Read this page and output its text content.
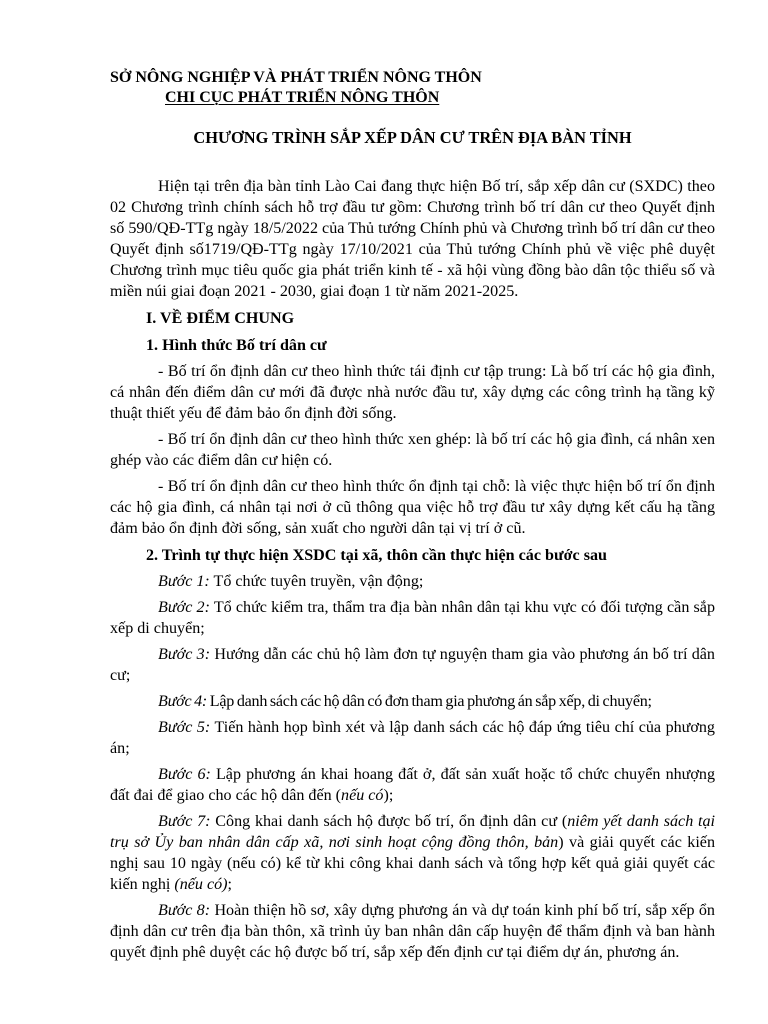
SỞ NÔNG NGHIỆP VÀ PHÁT TRIỂN NÔNG THÔN
CHI CỤC PHÁT TRIỂN NÔNG THÔN
CHƯƠNG TRÌNH SẮP XẾP DÂN CƯ TRÊN ĐỊA BÀN TỈNH

Hiện tại trên địa bàn tỉnh Lào Cai đang thực hiện Bố trí, sắp xếp dân cư (SXDC) theo 02 Chương trình chính sách hỗ trợ đầu tư gồm: Chương trình bố trí dân cư theo Quyết định số 590/QĐ-TTg ngày 18/5/2022 của Thủ tướng Chính phủ và Chương trình bố trí dân cư theo Quyết định số1719/QĐ-TTg ngày 17/10/2021 của Thủ tướng Chính phủ về việc phê duyệt Chương trình mục tiêu quốc gia phát triển kinh tế - xã hội vùng đồng bào dân tộc thiểu số và miền núi giai đoạn 2021 - 2030, giai đoạn 1 từ năm 2021-2025.

I. VỀ ĐIỂM CHUNG

1. Hình thức Bố trí dân cư

- Bố trí ổn định dân cư theo hình thức tái định cư tập trung: Là bố trí các hộ gia đình, cá nhân đến điểm dân cư mới đã được nhà nước đầu tư, xây dựng các công trình hạ tầng kỹ thuật thiết yếu để đảm bảo ổn định đời sống.

- Bố trí ổn định dân cư theo hình thức xen ghép: là bố trí các hộ gia đình, cá nhân xen ghép vào các điểm dân cư hiện có.

- Bố trí ổn định dân cư theo hình thức ổn định tại chỗ: là việc thực hiện bố trí ổn định các hộ gia đình, cá nhân tại nơi ở cũ thông qua việc hỗ trợ đầu tư xây dựng kết cấu hạ tầng đảm bảo ổn định đời sống, sản xuất cho người dân tại vị trí ở cũ.

2. Trình tự thực hiện XSDC tại xã, thôn cần thực hiện các bước sau

Bước 1: Tổ chức tuyên truyền, vận động;

Bước 2: Tổ chức kiểm tra, thẩm tra địa bàn nhân dân tại khu vực có đối tượng cần sắp xếp di chuyển;

Bước 3: Hướng dẫn các chủ hộ làm đơn tự nguyện tham gia vào phương án bố trí dân cư;

Bước 4: Lập danh sách các hộ dân có đơn tham gia phương án sắp xếp, di chuyển;

Bước 5: Tiến hành họp bình xét và lập danh sách các hộ đáp ứng tiêu chí của phương án;

Bước 6: Lập phương án khai hoang đất ở, đất sản xuất hoặc tổ chức chuyển nhượng đất đai để giao cho các hộ dân đến (nếu có);

Bước 7: Công khai danh sách hộ được bố trí, ổn định dân cư (niêm yết danh sách tại trụ sở Ủy ban nhân dân cấp xã, nơi sinh hoạt cộng đồng thôn, bản) và giải quyết các kiến nghị sau 10 ngày (nếu có) kể từ khi công khai danh sách và tổng hợp kết quả giải quyết các kiến nghị (nếu có);

Bước 8: Hoàn thiện hồ sơ, xây dựng phương án và dự toán kinh phí bố trí, sắp xếp ổn định dân cư trên địa bàn thôn, xã trình ủy ban nhân dân cấp huyện để thẩm định và ban hành quyết định phê duyệt các hộ được bố trí, sắp xếp đến định cư tại điểm dự án, phương án.
